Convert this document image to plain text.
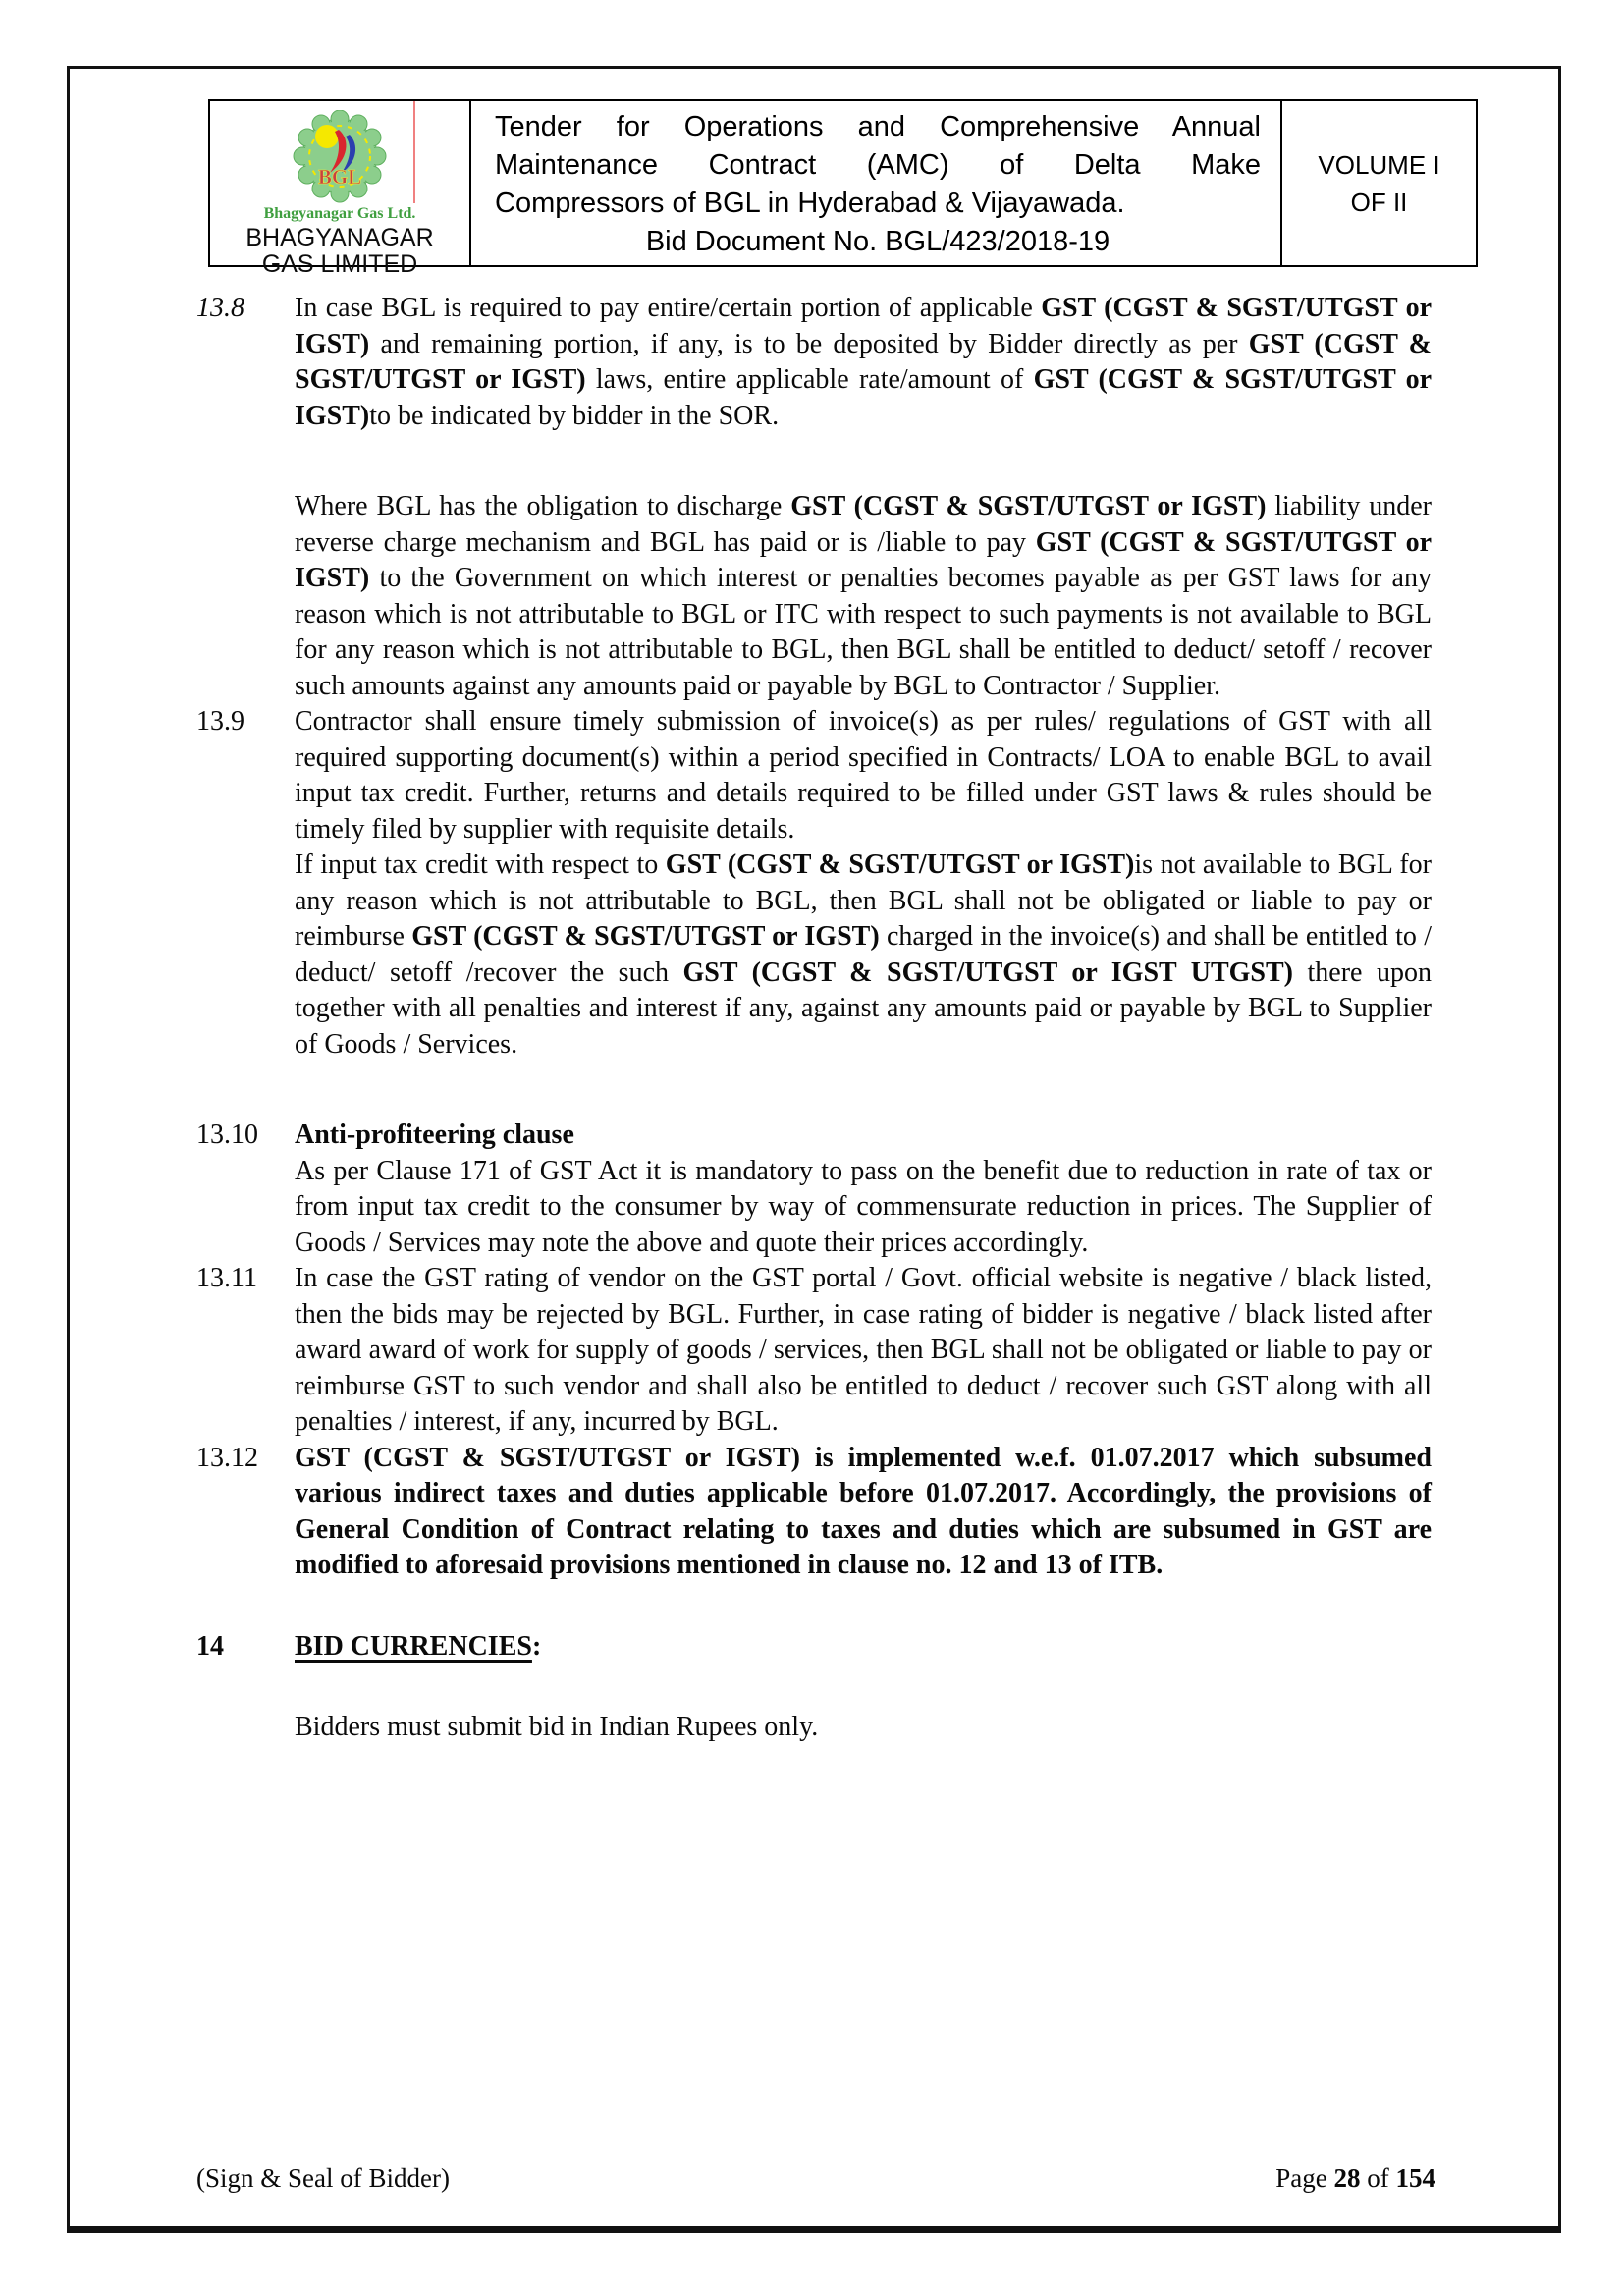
BGL
Bhagyanagar Gas Ltd.
BHAGYANAGAR GAS LIMITED
Tender for Operations and Comprehensive Annual
Maintenance Contract (AMC) of Delta Make
Compressors of BGL in Hyderabad & Vijayawada.
Bid Document No. BGL/423/2018-19
VOLUME I
OF II
13.8	In case BGL is required to pay entire/certain portion of applicable GST (CGST & SGST/UTGST or IGST) and remaining portion, if any, is to be deposited by Bidder directly as per GST (CGST & SGST/UTGST or IGST) laws, entire applicable rate/amount of GST (CGST & SGST/UTGST or IGST)to be indicated by bidder in the SOR.
Where BGL has the obligation to discharge GST (CGST & SGST/UTGST or IGST) liability under reverse charge mechanism and BGL has paid or is /liable to pay GST (CGST & SGST/UTGST or IGST) to the Government on which interest or penalties becomes payable as per GST laws for any reason which is not attributable to BGL or ITC with respect to such payments is not available to BGL for any reason which is not attributable to BGL, then BGL shall be entitled to deduct/ setoff / recover such amounts against any amounts paid or payable by BGL to Contractor / Supplier.
13.9	Contractor shall ensure timely submission of invoice(s) as per rules/ regulations of GST with all required supporting document(s) within a period specified in Contracts/ LOA to enable BGL to avail input tax credit. Further, returns and details required to be filled under GST laws & rules should be timely filed by supplier with requisite details.
If input tax credit with respect to GST (CGST & SGST/UTGST or IGST)is not available to BGL for any reason which is not attributable to BGL, then BGL shall not be obligated or liable to pay or reimburse GST (CGST & SGST/UTGST or IGST) charged in the invoice(s) and shall be entitled to / deduct/ setoff /recover the such GST (CGST & SGST/UTGST or IGST UTGST) there upon together with all penalties and interest if any, against any amounts paid or payable by BGL to Supplier of Goods / Services.
13.10	Anti-profiteering clause
As per Clause 171 of GST Act it is mandatory to pass on the benefit due to reduction in rate of tax or from input tax credit to the consumer by way of commensurate reduction in prices. The Supplier of Goods / Services may note the above and quote their prices accordingly.
13.11	In case the GST rating of vendor on the GST portal / Govt. official website is negative / black listed, then the bids may be rejected by BGL. Further, in case rating of bidder is negative / black listed after award award of work for supply of goods / services, then BGL shall not be obligated or liable to pay or reimburse GST to such vendor and shall also be entitled to deduct / recover such GST along with all penalties / interest, if any, incurred by BGL.
13.12	GST (CGST & SGST/UTGST or IGST) is implemented w.e.f. 01.07.2017 which subsumed various indirect taxes and duties applicable before 01.07.2017. Accordingly, the provisions of General Condition of Contract relating to taxes and duties which are subsumed in GST are modified to aforesaid provisions mentioned in clause no. 12 and 13 of ITB.
14	BID CURRENCIES:
Bidders must submit bid in Indian Rupees only.
(Sign & Seal of Bidder)	Page 28 of 154
